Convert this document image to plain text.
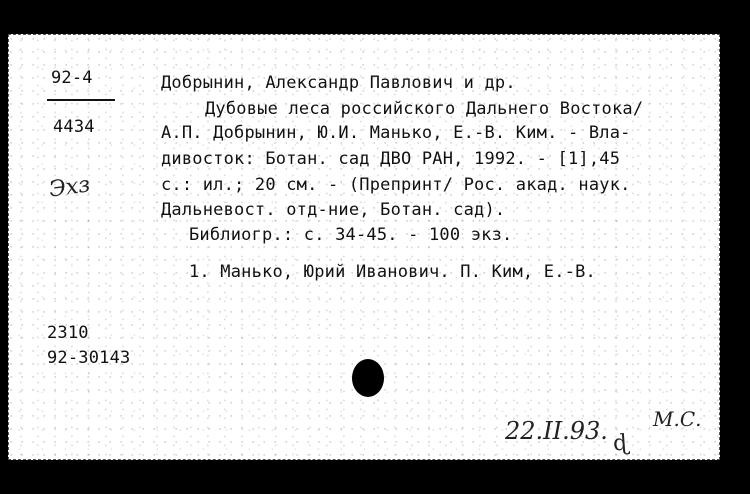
92-4
4434
Эхз
Добрынин, Александр Павлович и др.
Дубовые леса российского Дальнего Востока/
А.П. Добрынин, Ю.И. Манько, Е.-В. Ким. - Вла-
дивосток: Ботан. сад ДВО РАН, 1992. - [1],45
с.: ил.; 20 см. - (Препринт/ Рос. акад. наук.
Дальневост. отд-ние, Ботан. сад).
Библиогр.: с. 34-45. - 100 экз.
1. Манько, Юрий Иванович. П. Ким, Е.-В.
2310
92-30143
22.II.93. ɖ
М.С.
